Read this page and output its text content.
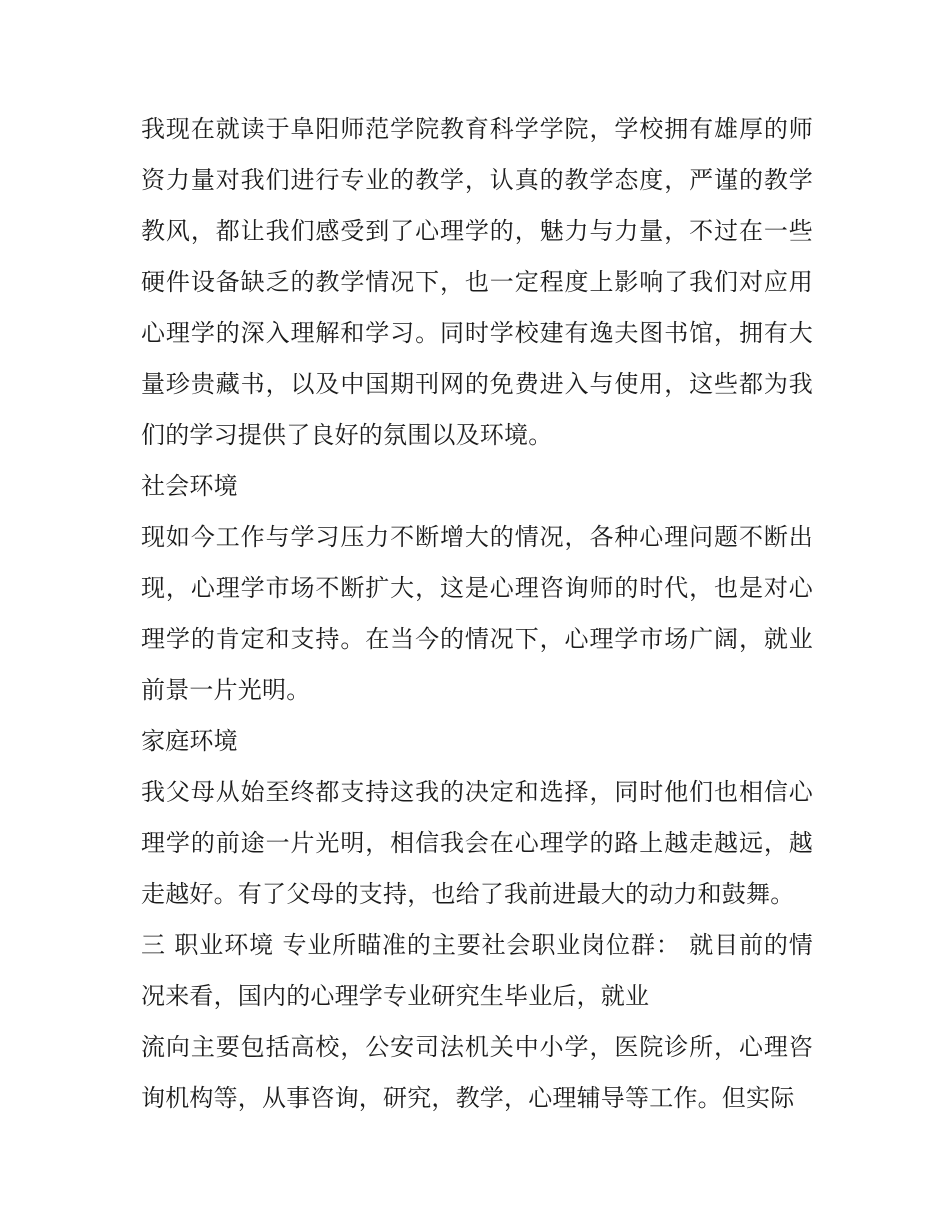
我现在就读于阜阳师范学院教育科学学院，学校拥有雄厚的师资力量对我们进行专业的教学，认真的教学态度，严谨的教学教风，都让我们感受到了心理学的，魅力与力量，不过在一些硬件设备缺乏的教学情况下，也一定程度上影响了我们对应用心理学的深入理解和学习。同时学校建有逸夫图书馆，拥有大量珍贵藏书，以及中国期刊网的免费进入与使用，这些都为我们的学习提供了良好的氛围以及环境。

社会环境

现如今工作与学习压力不断增大的情况，各种心理问题不断出现，心理学市场不断扩大，这是心理咨询师的时代，也是对心理学的肯定和支持。在当今的情况下，心理学市场广阔，就业前景一片光明。

家庭环境

我父母从始至终都支持这我的决定和选择，同时他们也相信心理学的前途一片光明，相信我会在心理学的路上越走越远，越走越好。有了父母的支持，也给了我前进最大的动力和鼓舞。

三 职业环境 专业所瞄准的主要社会职业岗位群： 就目前的情况来看，国内的心理学专业研究生毕业后，就业

流向主要包括高校，公安司法机关中小学，医院诊所，心理咨询机构等，从事咨询，研究，教学，心理辅导等工作。但实际
